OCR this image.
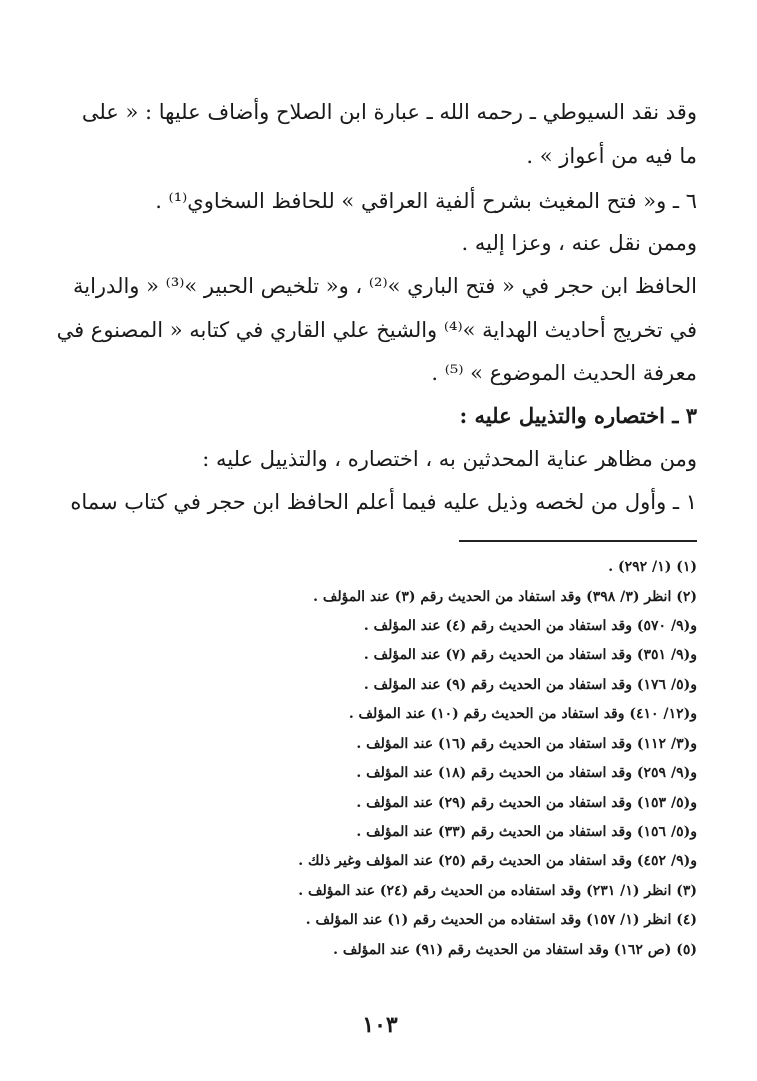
وقد نقد السيوطي ـ رحمه الله ـ عبارة ابن الصلاح وأضاف عليها : « على
ما فيه من أعواز » .
٦ ـ و« فتح المغيث بشرح ألفية العراقي » للحافظ السخاوي⁽¹⁾ .
وممن نقل عنه ، وعزا إليه .
الحافظ ابن حجر في « فتح الباري »⁽²⁾ ، و« تلخيص الحبير »⁽³⁾ « والدراية
في تخريج أحاديث الهداية »⁽⁴⁾ والشيخ علي القاري في كتابه « المصنوع في
معرفة الحديث الموضوع » ⁽⁵⁾ .
٣ ـ اختصاره والتذييل عليه :
ومن مظاهر عناية المحدثين به ، اختصاره ، والتذييل عليه :
١ ـ وأول من لخصه وذيل عليه فيما أعلم الحافظ ابن حجر في كتاب سماه
(١) (١/ ٢٩٢) .
(٢) انظر (٣/ ٣٩٨) وقد استفاد من الحديث رقم (٣) عند المؤلف .
و(٩/ ٥٧٠) وقد استفاد من الحديث رقم (٤) عند المؤلف .
و(٩/ ٣٥١) وقد استفاد من الحديث رقم (٧) عند المؤلف .
و(٥/ ١٧٦) وقد استفاد من الحديث رقم (٩) عند المؤلف .
و(١٢/ ٤١٠) وقد استفاد من الحديث رقم (١٠) عند المؤلف .
و(٣/ ١١٢) وقد استفاد من الحديث رقم (١٦) عند المؤلف .
و(٩/ ٢٥٩) وقد استفاد من الحديث رقم (١٨) عند المؤلف .
و(٥/ ١٥٣) وقد استفاد من الحديث رقم (٢٩) عند المؤلف .
و(٥/ ١٥٦) وقد استفاد من الحديث رقم (٣٣) عند المؤلف .
و(٩/ ٤٥٢) وقد استفاد من الحديث رقم (٢٥) عند المؤلف وغير ذلك .
(٣) انظر (١/ ٢٣١) وقد استفاده من الحديث رقم (٢٤) عند المؤلف .
(٤) انظر (١/ ١٥٧) وقد استفاده من الحديث رقم (١) عند المؤلف .
(٥) (ص ١٦٢) وقد استفاد من الحديث رقم (٩١) عند المؤلف .
١٠٣
